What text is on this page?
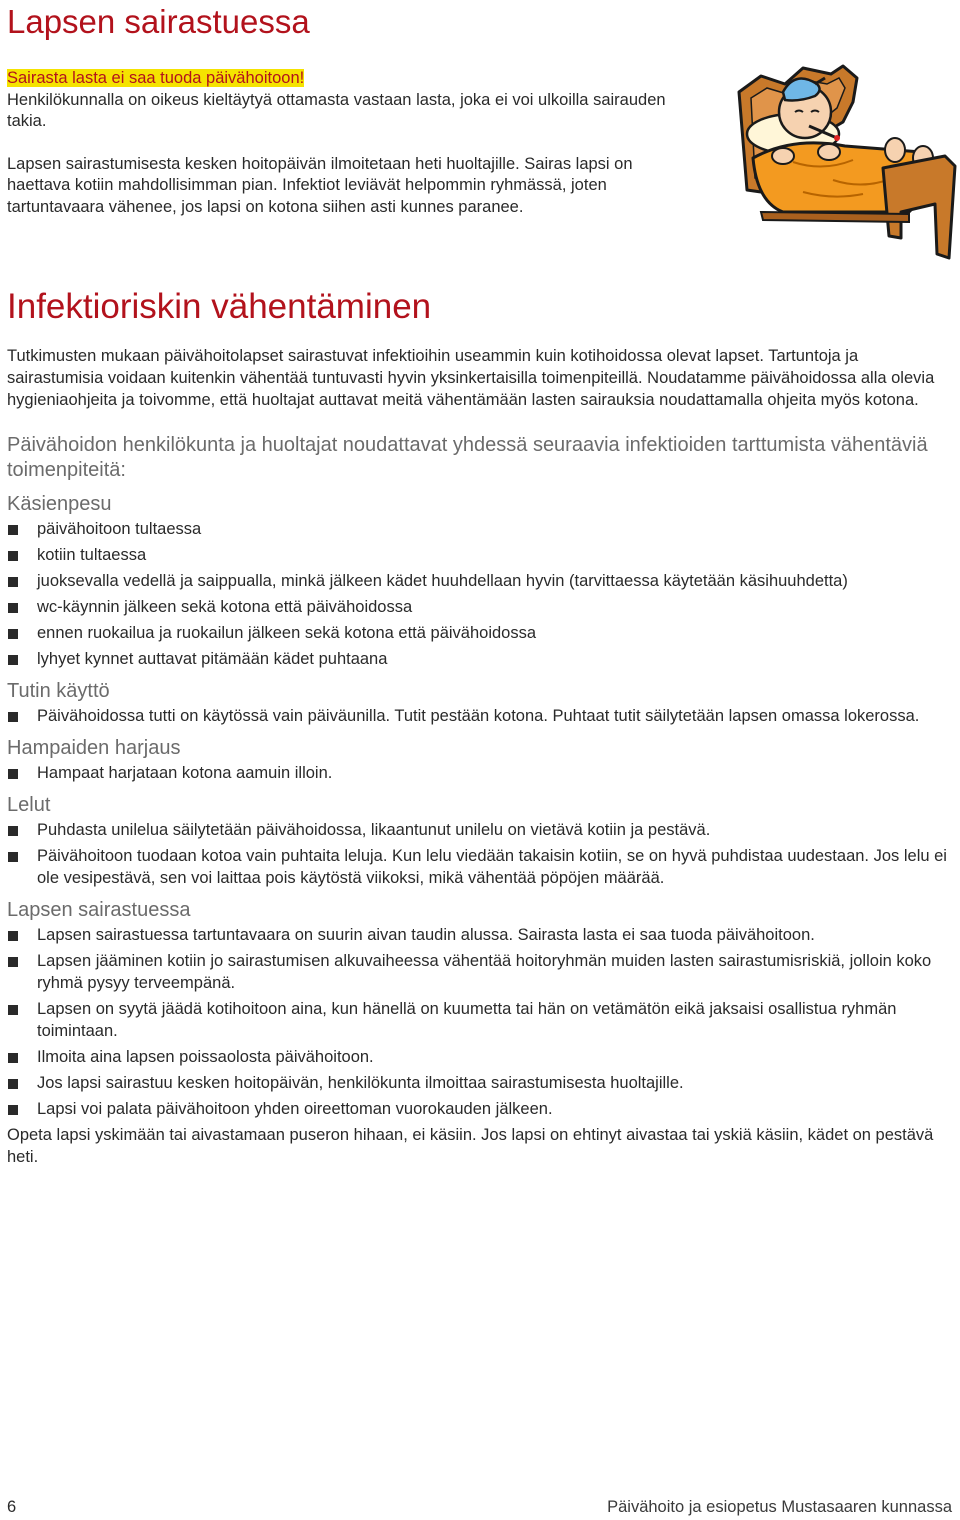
Lapsen sairastuessa

Sairasta lasta ei saa tuoda päivähoitoon!

Henkilökunnalla on oikeus kieltäytyä ottamasta vastaan lasta, joka ei voi ulkoilla sairauden takia.

Lapsen sairastumisesta kesken hoitopäivän ilmoitetaan heti huoltajille. Sairas lapsi on haettava kotiin mahdollisimman pian. Infektiot leviävät helpommin ryhmässä, joten tartuntavaara vähenee, jos lapsi on kotona siihen asti kunnes paranee.

Infektioriskin vähentäminen

Tutkimusten mukaan päivähoitolapset sairastuvat infektioihin useammin kuin kotihoidossa olevat lapset. Tartuntoja ja sairastumisia voidaan kuitenkin vähentää tuntuvasti hyvin yksinkertaisilla toimenpiteillä. Noudatamme päivähoidossa alla olevia hygieniaohjeita ja toivomme, että huoltajat auttavat meitä vähentämään lasten sairauksia noudattamalla ohjeita myös kotona.

Päivähoidon henkilökunta ja huoltajat noudattavat yhdessä seuraavia infektioiden tarttumista vähentäviä toimenpiteitä:

Käsienpesu
päivähoitoon tultaessa
kotiin tultaessa
juoksevalla vedellä ja saippualla, minkä jälkeen kädet huuhdellaan hyvin (tarvittaessa käytetään käsihuuhdetta)
wc-käynnin jälkeen sekä kotona että päivähoidossa
ennen ruokailua ja ruokailun jälkeen sekä kotona että päivähoidossa
lyhyet kynnet auttavat pitämään kädet puhtaana
Tutin käyttö
Päivähoidossa tutti on käytössä vain päiväunilla. Tutit pestään kotona. Puhtaat tutit säilytetään lapsen omassa lokerossa.
Hampaiden harjaus
Hampaat harjataan kotona aamuin illoin.
Lelut
Puhdasta unilelua säilytetään päivähoidossa, likaantunut unilelu on vietävä kotiin ja pestävä.
Päivähoitoon tuodaan kotoa vain puhtaita leluja. Kun lelu viedään takaisin kotiin, se on hyvä puhdistaa uudestaan. Jos lelu ei ole vesipestävä, sen voi laittaa pois käytöstä viikoksi, mikä vähentää pöpöjen määrää.
Lapsen sairastuessa
Lapsen sairastuessa tartuntavaara on suurin aivan taudin alussa. Sairasta lasta ei saa tuoda päivähoitoon.
Lapsen jääminen kotiin jo sairastumisen alkuvaiheessa vähentää hoitoryhmän muiden lasten sairastumisriskiä, jolloin koko ryhmä pysyy terveempänä.
Lapsen on syytä jäädä kotihoitoon aina, kun hänellä on kuumetta tai hän on vetämätön eikä jaksaisi osallistua ryhmän toimintaan.
Ilmoita aina lapsen poissaolosta päivähoitoon.
Jos lapsi sairastuu kesken hoitopäivän, henkilökunta ilmoittaa sairastumisesta huoltajille.
Lapsi voi palata päivähoitoon yhden oireettoman vuorokauden jälkeen.

Opeta lapsi yskimään tai aivastamaan puseron hihaan, ei käsiin. Jos lapsi on ehtinyt aivastaa tai yskiä käsiin, kädet on pestävä heti.

6	Päivähoito ja esiopetus Mustasaaren kunnassa
